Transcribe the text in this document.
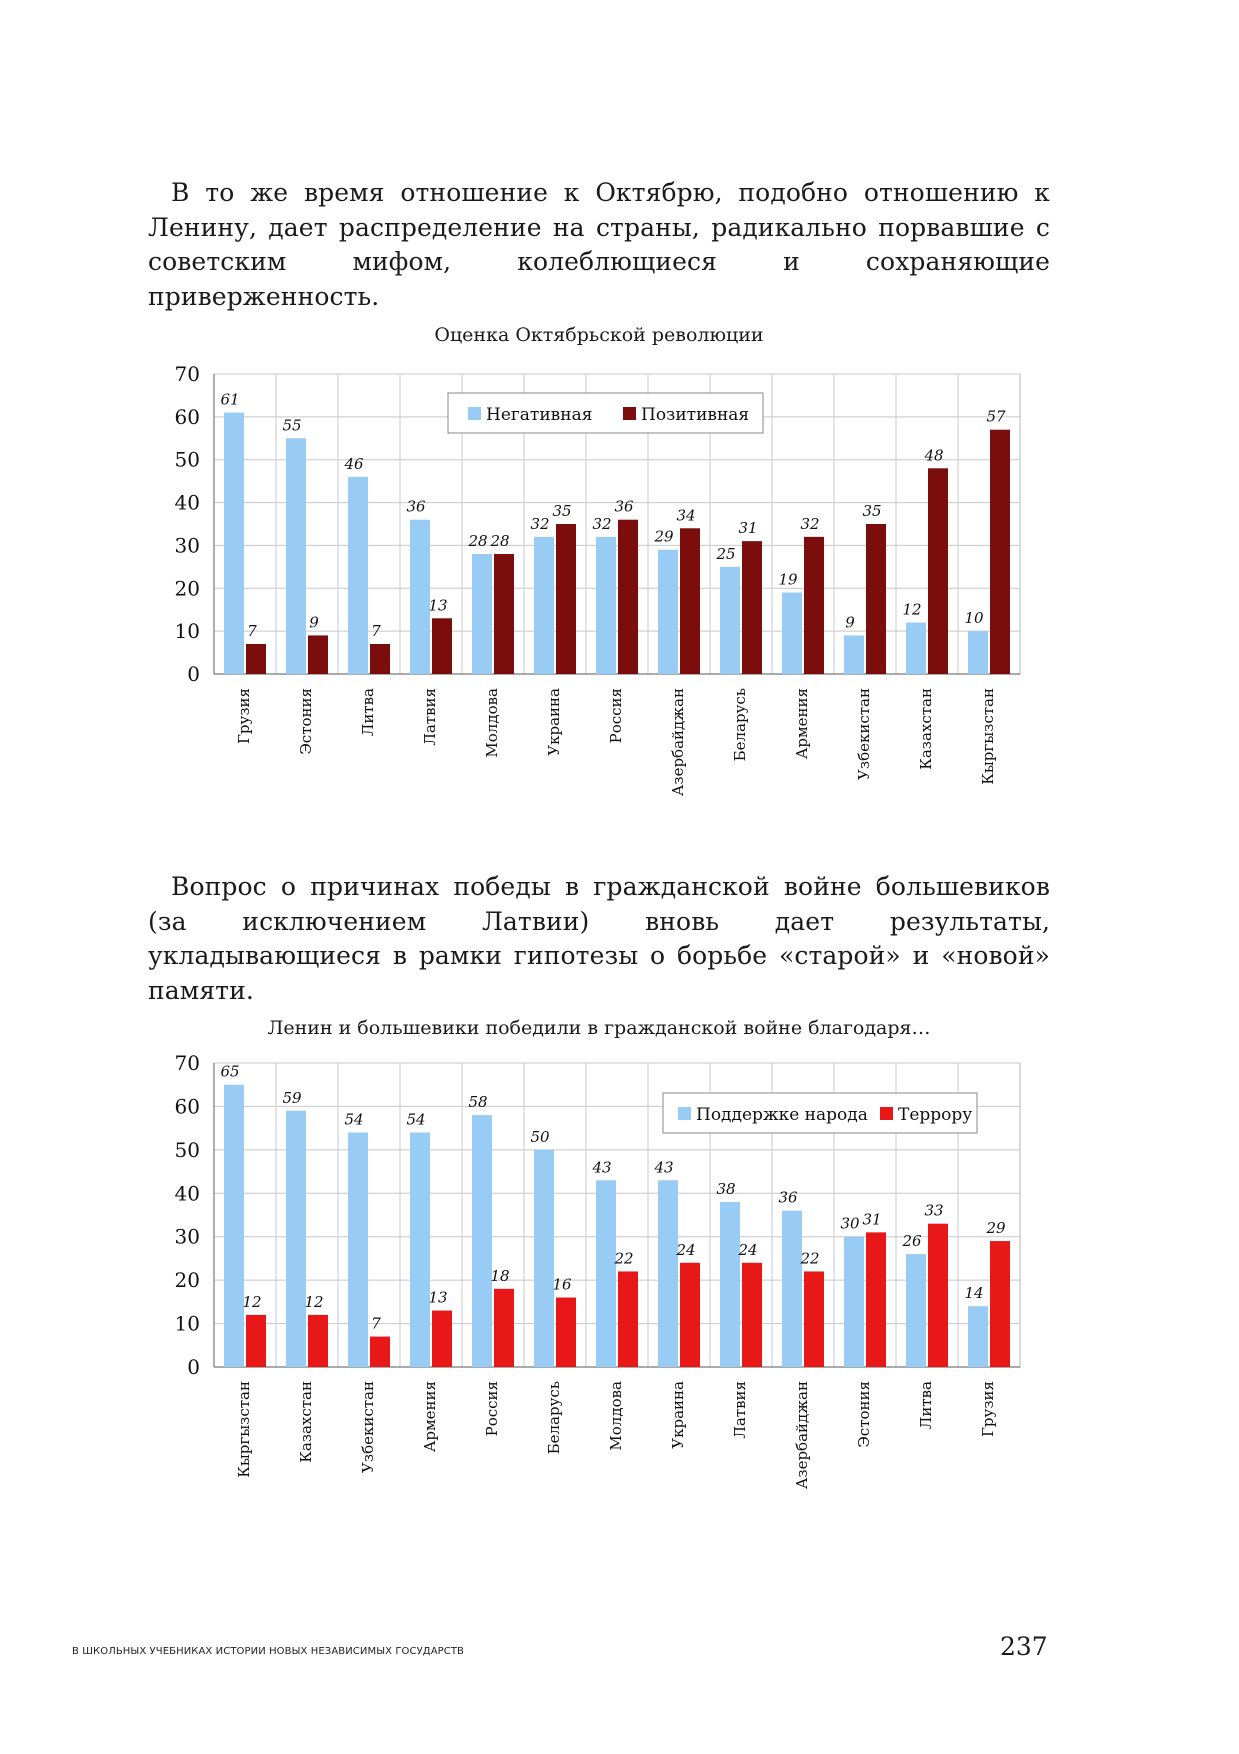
В то же время отношение к Октябрю, подобно отношению к Ленину, дает распределение на страны, радикально порвавшие с советским мифом, колеблющиеся и сохраняющие приверженность.
Оценка Октябрьской революции
0
10
20
30
40
50
60
70
61
7
Грузия
55
9
Эстония
46
7
Литва
36
13
Латвия
28 28
Молдова
32
35
Украина
32
36
Россия
29
34
Азербайджан
25
31
Беларусь
19
32
Армения
9
35
Узбекистан
12
48
Казахстан
10
57
Кыргызстан
Негативная	Позитивная
Вопрос о причинах победы в гражданской войне большевиков (за исключением Латвии) вновь дает результаты, укладывающиеся в рамки гипотезы о борьбе «старой» и «новой» памяти.
Ленин и большевики победили в гражданской войне благодаря…
0
10
20
30
40
50
60
70 65
12
Кыргызстан
59
12
Казахстан
54
7
Узбекистан
54
13
Армения
58
18
Россия
50
16
Беларусь
43
22
Молдова
43
24
Украина
38
24
Латвия
36
22
Азербайджан
30 31
Эстония
26
33
Литва
14
29
Грузия
Поддержке народа Террору
В ШКОЛЬНЫХ УЧЕБНИКАХ ИСТОРИИ НОВЫХ НЕЗАВИСИМЫХ ГОСУДАРСТВ	237
